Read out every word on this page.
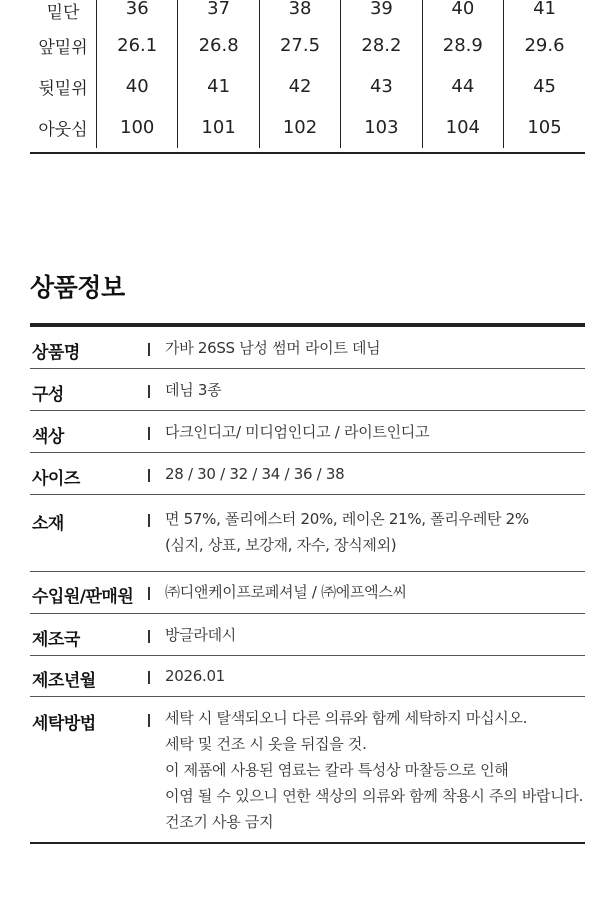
밑단	36	37	38	39	40	41
앞밑위	26.1	26.8	27.5	28.2	28.9	29.6
뒷밑위	40	41	42	43	44	45
아웃심	100	101	102	103	104	105
상품정보
상품명	가바 26SS 남성 썸머 라이트 데님
구성	데님 3종
색상	다크인디고/ 미디엄인디고 / 라이트인디고
사이즈	28 / 30 / 32 / 34 / 36 / 38
소재	면 57%, 폴리에스터 20%, 레이온 21%, 폴리우레탄 2%
(심지, 상표, 보강재, 자수, 장식제외)
수입원/판매원 ㈜디앤케이프로페셔널 / ㈜에프엑스씨
제조국	방글라데시
제조년월	2026.01
세탁방법	세탁 시 탈색되오니 다른 의류와 함께 세탁하지 마십시오.
세탁 및 건조 시 옷을 뒤집을 것.
이 제품에 사용된 염료는 칼라 특성상 마찰등으로 인해
이염 될 수 있으니 연한 색상의 의류와 함께 착용시 주의 바랍니다.
건조기 사용 금지
